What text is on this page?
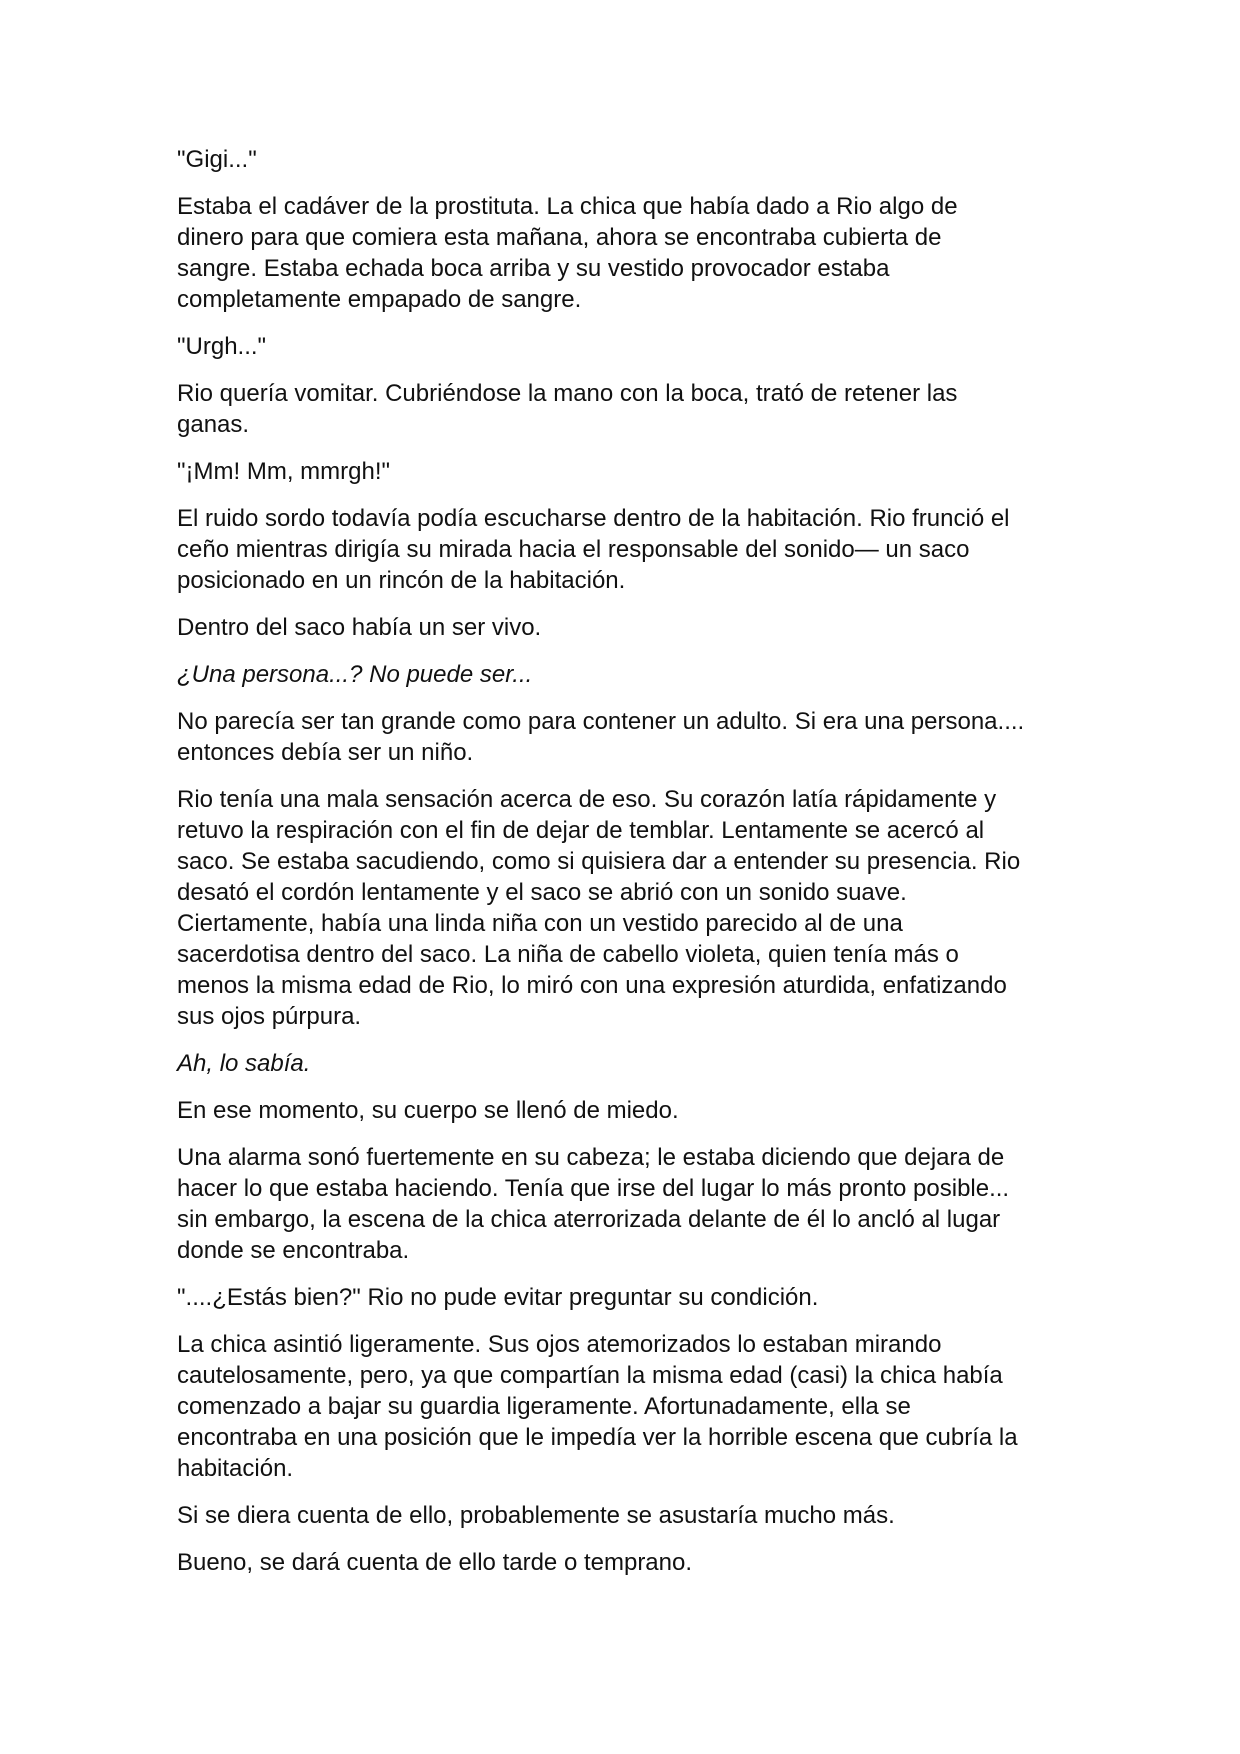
"Gigi..."

Estaba el cadáver de la prostituta. La chica que había dado a Rio algo de
dinero para que comiera esta mañana, ahora se encontraba cubierta de
sangre. Estaba echada boca arriba y su vestido provocador estaba
completamente empapado de sangre.

"Urgh..."

Rio quería vomitar. Cubriéndose la mano con la boca, trató de retener las
ganas.

"¡Mm! Mm, mmrgh!"

El ruido sordo todavía podía escucharse dentro de la habitación. Rio frunció el
ceño mientras dirigía su mirada hacia el responsable del sonido— un saco
posicionado en un rincón de la habitación.

Dentro del saco había un ser vivo.

¿Una persona...? No puede ser...

No parecía ser tan grande como para contener un adulto. Si era una persona....
entonces debía ser un niño.

Rio tenía una mala sensación acerca de eso. Su corazón latía rápidamente y
retuvo la respiración con el fin de dejar de temblar. Lentamente se acercó al
saco. Se estaba sacudiendo, como si quisiera dar a entender su presencia. Rio
desató el cordón lentamente y el saco se abrió con un sonido suave.
Ciertamente, había una linda niña con un vestido parecido al de una
sacerdotisa dentro del saco. La niña de cabello violeta, quien tenía más o
menos la misma edad de Rio, lo miró con una expresión aturdida, enfatizando
sus ojos púrpura.

Ah, lo sabía.

En ese momento, su cuerpo se llenó de miedo.

Una alarma sonó fuertemente en su cabeza; le estaba diciendo que dejara de
hacer lo que estaba haciendo. Tenía que irse del lugar lo más pronto posible...
sin embargo, la escena de la chica aterrorizada delante de él lo ancló al lugar
donde se encontraba.

"....¿Estás bien?" Rio no pude evitar preguntar su condición.

La chica asintió ligeramente. Sus ojos atemorizados lo estaban mirando
cautelosamente, pero, ya que compartían la misma edad (casi) la chica había
comenzado a bajar su guardia ligeramente. Afortunadamente, ella se
encontraba en una posición que le impedía ver la horrible escena que cubría la
habitación.

Si se diera cuenta de ello, probablemente se asustaría mucho más.

Bueno, se dará cuenta de ello tarde o temprano.
